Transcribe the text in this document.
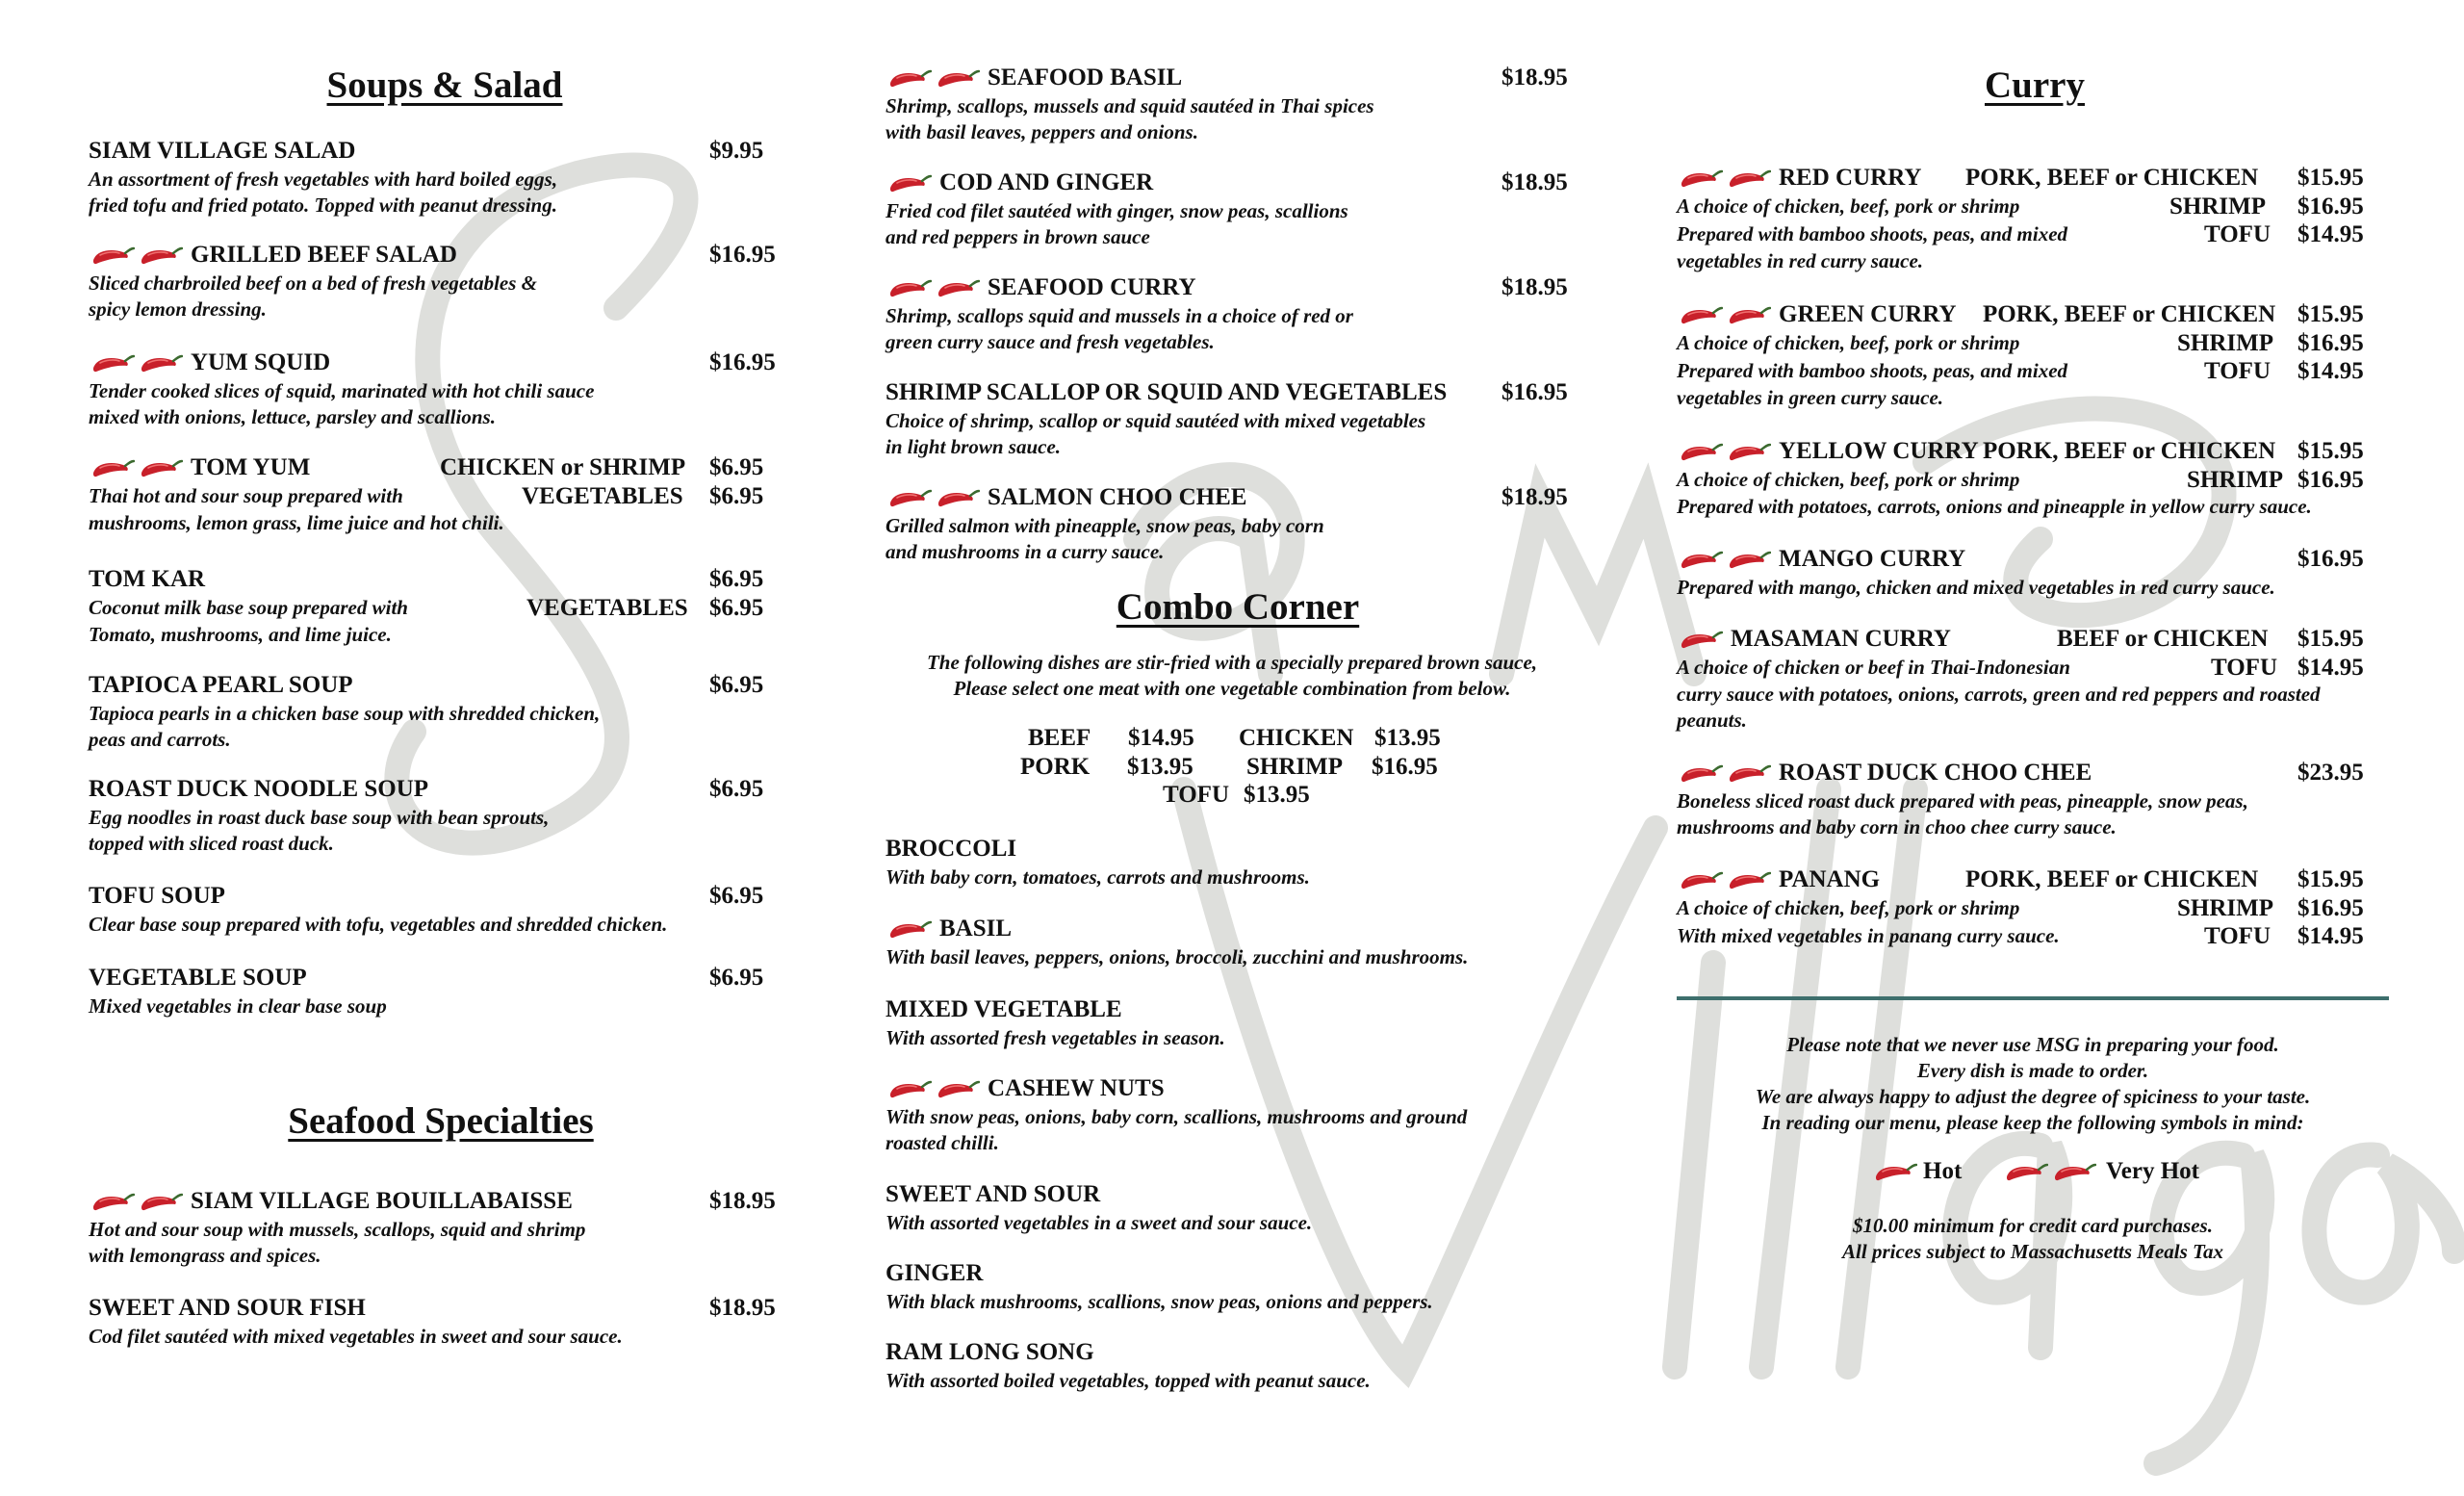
Soups & Salad
SIAM VILLAGE SALAD	$9.95
An assortment of fresh vegetables with hard boiled eggs,
fried tofu and fried potato. Topped with peanut dressing.
GRILLED BEEF SALAD	$16.95
Sliced charbroiled beef on a bed of fresh vegetables &
spicy lemon dressing.
YUM SQUID	$16.95
Tender cooked slices of squid, marinated with hot chili sauce
mixed with onions, lettuce, parsley and scallions.
TOM YUM	CHICKEN or SHRIMP $6.95
Thai hot and sour soup prepared with	VEGETABLES $6.95
mushrooms, lemon grass, lime juice and hot chili.
TOM KAR	$6.95
Coconut milk base soup prepared with	VEGETABLES $6.95
Tomato, mushrooms, and lime juice.
TAPIOCA PEARL SOUP	$6.95
Tapioca pearls in a chicken base soup with shredded chicken,
peas and carrots.
ROAST DUCK NOODLE SOUP	$6.95
Egg noodles in roast duck base soup with bean sprouts,
topped with sliced roast duck.
TOFU SOUP	$6.95
Clear base soup prepared with tofu, vegetables and shredded chicken.
VEGETABLE SOUP	$6.95
Mixed vegetables in clear base soup
Seafood Specialties
SIAM VILLAGE BOUILLABAISSE	$18.95
Hot and sour soup with mussels, scallops, squid and shrimp
with lemongrass and spices.
SWEET AND SOUR FISH	$18.95
Cod filet sautéed with mixed vegetables in sweet and sour sauce.
SEAFOOD BASIL	$18.95
Shrimp, scallops, mussels and squid sautéed in Thai spices
with basil leaves, peppers and onions.
COD AND GINGER	$18.95
Fried cod filet sautéed with ginger, snow peas, scallions
and red peppers in brown sauce
SEAFOOD CURRY	$18.95
Shrimp, scallops squid and mussels in a choice of red or
green curry sauce and fresh vegetables.
SHRIMP SCALLOP OR SQUID AND VEGETABLES $16.95
Choice of shrimp, scallop or squid sautéed with mixed vegetables
in light brown sauce.
SALMON CHOO CHEE	$18.95
Grilled salmon with pineapple, snow peas, baby corn
and mushrooms in a curry sauce.
Combo Corner
The following dishes are stir-fried with a specially prepared brown sauce,
Please select one meat with one vegetable combination from below.
BEEF $14.95 CHICKEN $13.95
PORK $13.95 SHRIMP $16.95
TOFU $13.95
BROCCOLI
With baby corn, tomatoes, carrots and mushrooms.
BASIL
With basil leaves, peppers, onions, broccoli, zucchini and mushrooms.
MIXED VEGETABLE
With assorted fresh vegetables in season.
CASHEW NUTS
With snow peas, onions, baby corn, scallions, mushrooms and ground
roasted chilli.
SWEET AND SOUR
With assorted vegetables in a sweet and sour sauce.
GINGER
With black mushrooms, scallions, snow peas, onions and peppers.
RAM LONG SONG
With assorted boiled vegetables, topped with peanut sauce.
Curry
RED CURRY PORK, BEEF or CHICKEN $15.95
A choice of chicken, beef, pork or shrimp	SHRIMP $16.95
Prepared with bamboo shoots, peas, and mixed	TOFU $14.95
vegetables in red curry sauce.
GREEN CURRY PORK, BEEF or CHICKEN $15.95
A choice of chicken, beef, pork or shrimp	SHRIMP $16.95
Prepared with bamboo shoots, peas, and mixed	TOFU $14.95
vegetables in green curry sauce.
YELLOW CURRY PORK, BEEF or CHICKEN $15.95
A choice of chicken, beef, pork or shrimp	SHRIMP $16.95
Prepared with potatoes, carrots, onions and pineapple in yellow curry sauce.
MANGO CURRY	$16.95
Prepared with mango, chicken and mixed vegetables in red curry sauce.
MASAMAN CURRY	BEEF or CHICKEN $15.95
A choice of chicken or beef in Thai-Indonesian	TOFU $14.95
curry sauce with potatoes, onions, carrots, green and red peppers and roasted
peanuts.
ROAST DUCK CHOO CHEE	$23.95
Boneless sliced roast duck prepared with peas, pineapple, snow peas,
mushrooms and baby corn in choo chee curry sauce.
PANANG	PORK, BEEF or CHICKEN $15.95
A choice of chicken, beef, pork or shrimp	SHRIMP $16.95
With mixed vegetables in panang curry sauce.	TOFU $14.95
Please note that we never use MSG in preparing your food.
Every dish is made to order.
We are always happy to adjust the degree of spiciness to your taste.
In reading our menu, please keep the following symbols in mind:
Hot	Very Hot
$10.00 minimum for credit card purchases.
All prices subject to Massachusetts Meals Tax
